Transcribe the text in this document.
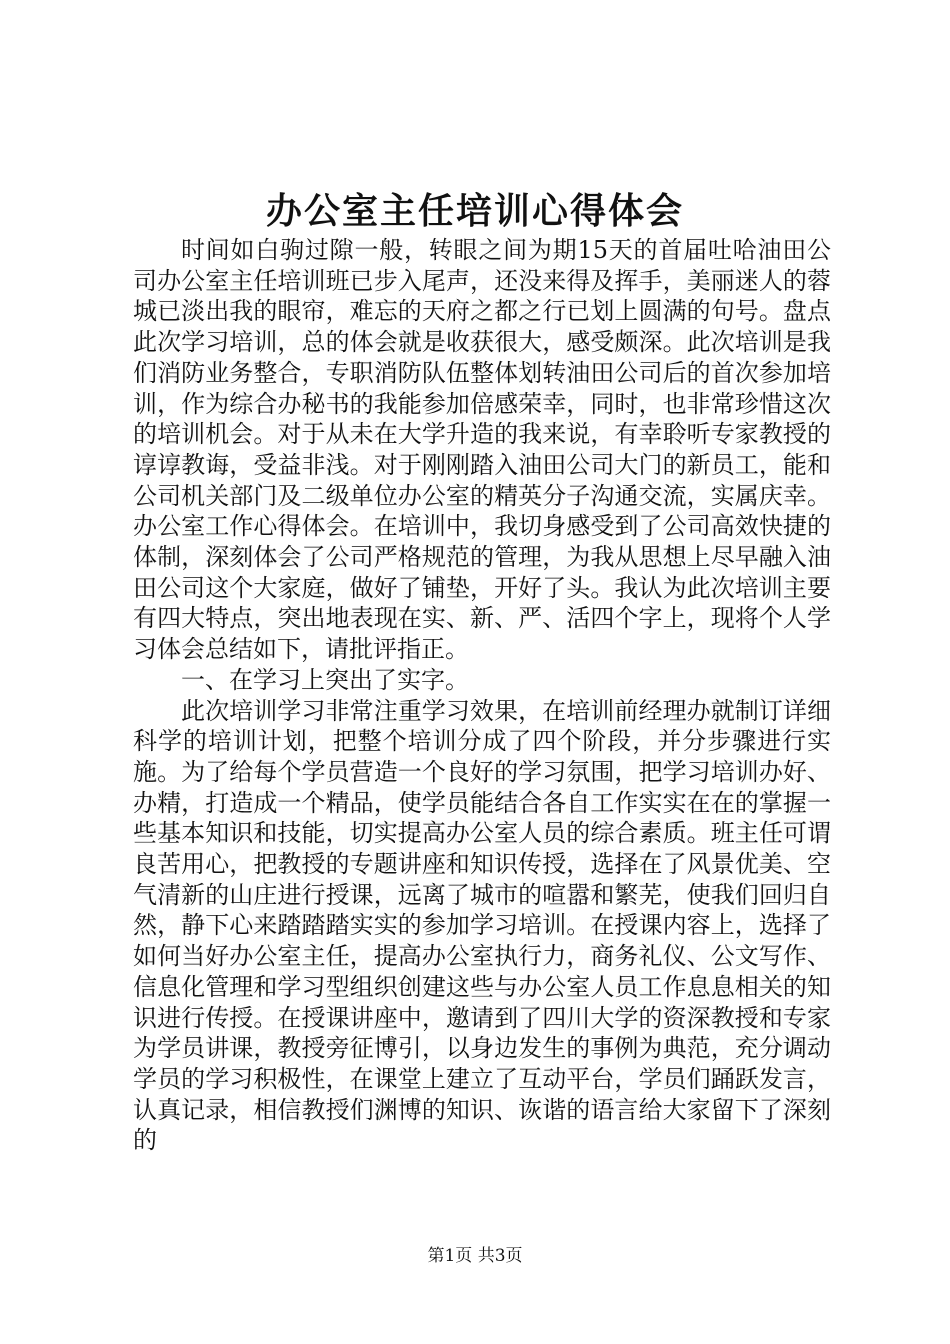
办公室主任培训心得体会

时间如白驹过隙一般，转眼之间为期15天的首届吐哈油田公司办公室主任培训班已步入尾声，还没来得及挥手，美丽迷人的蓉城已淡出我的眼帘，难忘的天府之都之行已划上圆满的句号。盘点此次学习培训，总的体会就是收获很大，感受颇深。此次培训是我们消防业务整合，专职消防队伍整体划转油田公司后的首次参加培训，作为综合办秘书的我能参加倍感荣幸，同时，也非常珍惜这次的培训机会。对于从未在大学升造的我来说，有幸聆听专家教授的谆谆教诲，受益非浅。对于刚刚踏入油田公司大门的新员工，能和公司机关部门及二级单位办公室的精英分子沟通交流，实属庆幸。办公室工作心得体会。在培训中，我切身感受到了公司高效快捷的体制，深刻体会了公司严格规范的管理，为我从思想上尽早融入油田公司这个大家庭，做好了铺垫，开好了头。我认为此次培训主要有四大特点，突出地表现在实、新、严、活四个字上，现将个人学习体会总结如下，请批评指正。

一、在学习上突出了实字。

此次培训学习非常注重学习效果，在培训前经理办就制订详细科学的培训计划，把整个培训分成了四个阶段，并分步骤进行实施。为了给每个学员营造一个良好的学习氛围，把学习培训办好、办精，打造成一个精品，使学员能结合各自工作实实在在的掌握一些基本知识和技能，切实提高办公室人员的综合素质。班主任可谓良苦用心，把教授的专题讲座和知识传授，选择在了风景优美、空气清新的山庄进行授课，远离了城市的喧嚣和繁芜，使我们回归自然，静下心来踏踏踏实实的参加学习培训。在授课内容上，选择了如何当好办公室主任，提高办公室执行力，商务礼仪、公文写作、信息化管理和学习型组织创建这些与办公室人员工作息息相关的知识进行传授。在授课讲座中，邀请到了四川大学的资深教授和专家为学员讲课，教授旁征博引，以身边发生的事例为典范，充分调动学员的学习积极性，在课堂上建立了互动平台，学员们踊跃发言，认真记录，相信教授们渊博的知识、诙谐的语言给大家留下了深刻的

第1页 共3页
